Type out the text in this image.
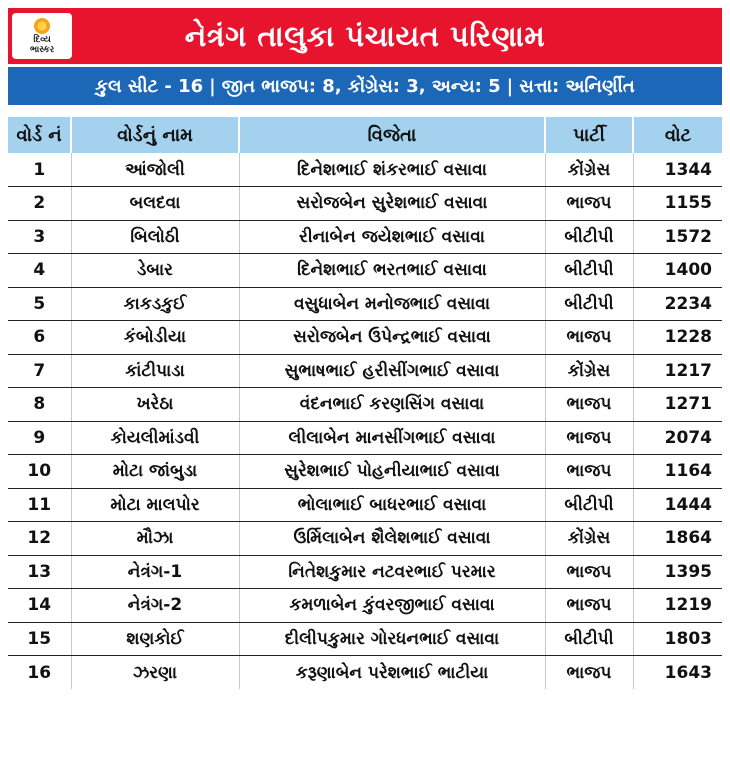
દિવ્ય
ભાસ્કર	નેત્રંગ તાલુકા પંચાયત પરિણામ
કુલ સીટ - 16 | જીત ભાજપ: 8, કોંગ્રેસ: 3, અન્ય: 5 | સત્તા: અનિર્ણીત
વોર્ડ નં	વોર્ડનું નામ	વિજેતા	પાર્ટી	વોટ
1	આંજોલી	દિનેશભાઈ શંકરભાઈ વસાવા	કોંગ્રેસ	1344
2	બલદવા	સરોજબેન સુરેશભાઈ વસાવા	ભાજપ	1155
3	બિલોઠી	રીનાબેન જયેશભાઈ વસાવા	બીટીપી	1572
4	ડેબાર	દિનેશભાઈ ભરતભાઈ વસાવા	બીટીપી	1400
5	કાકડકુઈ	વસુધાબેન મનોજભાઈ વસાવા	બીટીપી	2234
6	કંબોડીયા	સરોજબેન ઉપેન્દ્રભાઈ વસાવા	ભાજપ	1228
7	કાંટીપાડા	સુભાષભાઈ હરીસીંગભાઈ વસાવા	કોંગ્રેસ	1217
8	ખરેઠા	વંદનભાઈ કરણસિંગ વસાવા	ભાજપ	1271
9	કોયલીમાંડવી	લીલાબેન માનસીંગભાઈ વસાવા	ભાજપ	2074
10	મોટા જાંબુડા	સુરેશભાઈ પોહનીયાભાઈ વસાવા	ભાજપ	1164
11	મોટા માલપોર	ભોલાભાઈ બાધરભાઈ વસાવા	બીટીપી	1444
12	મૌઝા	ઉર્મિલાબેન શૈલેશભાઈ વસાવા	કોંગ્રેસ	1864
13	નેત્રંગ-1	નિતેશકુમાર નટવરભાઈ પરમાર	ભાજપ	1395
14	નેત્રંગ-2	કમળાબેન કુંવરજીભાઈ વસાવા	ભાજપ	1219
15	શણકોઈ	દીલીપકુમાર ગોરધનભાઈ વસાવા	બીટીપી	1803
16	ઝરણા	કરૂણાબેન પરેશભાઈ ભાટીયા	ભાજપ	1643
